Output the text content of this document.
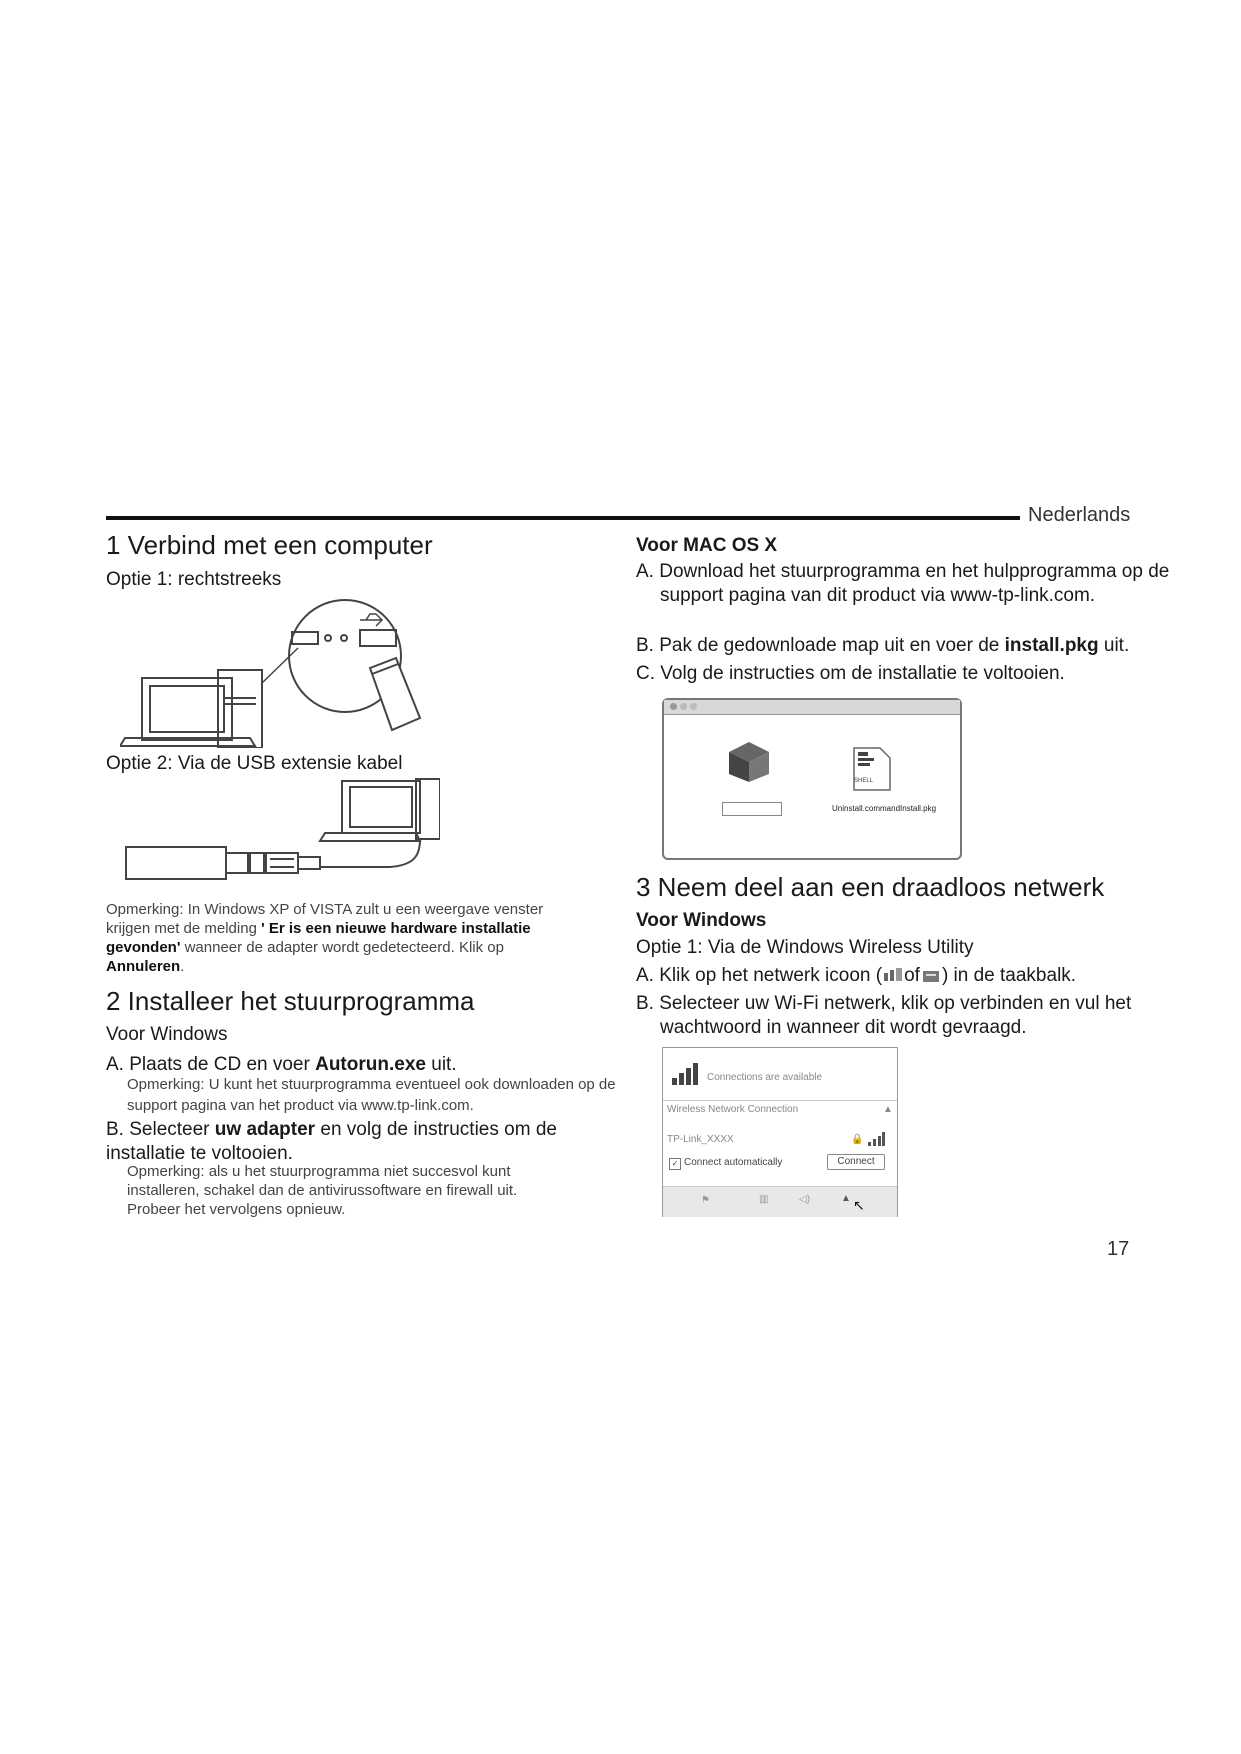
Nederlands
1 Verbind met een computer
Optie 1: rechtstreeks
Optie 2: Via de USB extensie kabel
Opmerking: In Windows XP of VISTA zult u een weergave venster krijgen met de melding ' Er is een nieuwe hardware installatie gevonden' wanneer de adapter wordt gedetecteerd. Klik op Annuleren.
2 Installeer het stuurprogramma
Voor Windows
A. Plaats de CD en voer Autorun.exe uit.
Opmerking: U kunt het stuurprogramma eventueel ook downloaden op de support pagina van het product via www.tp-link.com.
B. Selecteer uw adapter en volg de instructies om de installatie te voltooien.
Opmerking: als u het stuurprogramma niet succesvol kunt installeren, schakel dan de antivirussoftware en firewall uit. Probeer het vervolgens opnieuw.
Voor MAC OS X
A. Download het stuurprogramma en het hulpprogramma op de support pagina van dit product via www-tp-link.com.
B. Pak de gedownloade map uit en voer de install.pkg uit.
C. Volg de instructies om de installatie te voltooien.
SHELL
Uninstall.commandInstall.pkg
3 Neem deel aan een draadloos netwerk
Voor Windows
Optie 1: Via de Windows Wireless Utility
A. Klik op het netwerk icoon ( of ) in de taakbalk.
B. Selecteer uw Wi-Fi netwerk, klik op verbinden en vul het wachtwoord in wanneer dit wordt gevraagd.
Connections are available
Wireless Network Connection	▲
TP-Link_XXXX	🔒
✓ Connect automatically	Connect
⚑	▥	◁)	▲ ↖
17
